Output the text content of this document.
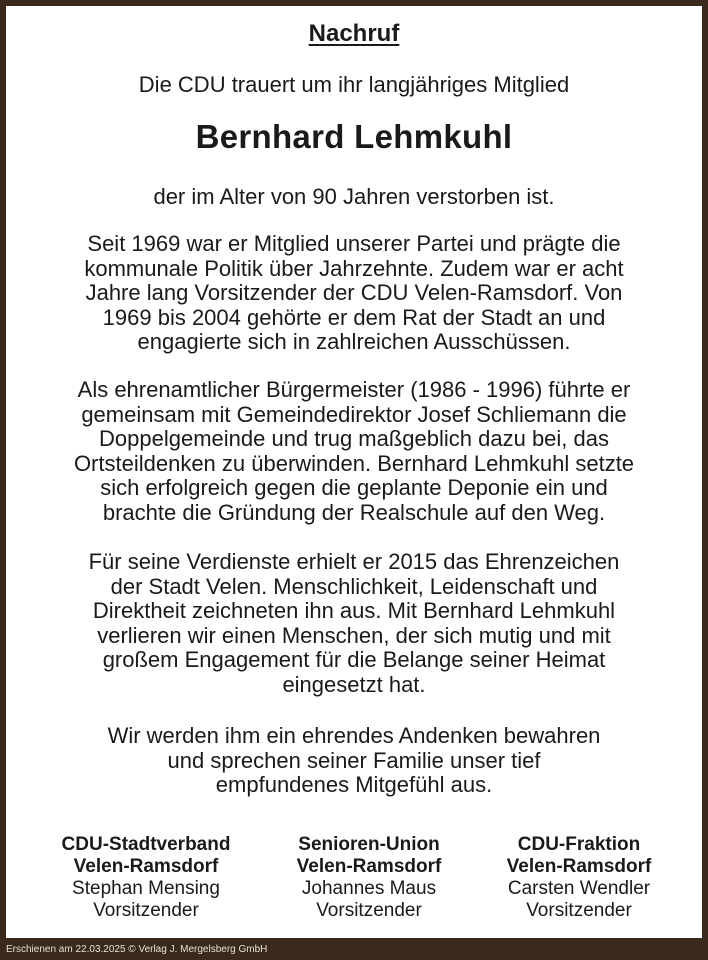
Nachruf
Die CDU trauert um ihr langjähriges Mitglied
Bernhard Lehmkuhl
der im Alter von 90 Jahren verstorben ist.

Seit 1969 war er Mitglied unserer Partei und prägte die
kommunale Politik über Jahrzehnte. Zudem war er acht
Jahre lang Vorsitzender der CDU Velen-Ramsdorf. Von
1969 bis 2004 gehörte er dem Rat der Stadt an und
engagierte sich in zahlreichen Ausschüssen.

Als ehrenamtlicher Bürgermeister (1986 - 1996) führte er
gemeinsam mit Gemeindedirektor Josef Schliemann die
Doppelgemeinde und trug maßgeblich dazu bei, das
Ortsteildenken zu überwinden. Bernhard Lehmkuhl setzte
sich erfolgreich gegen die geplante Deponie ein und
brachte die Gründung der Realschule auf den Weg.

Für seine Verdienste erhielt er 2015 das Ehrenzeichen
der Stadt Velen. Menschlichkeit, Leidenschaft und
Direktheit zeichneten ihn aus. Mit Bernhard Lehmkuhl
verlieren wir einen Menschen, der sich mutig und mit
großem Engagement für die Belange seiner Heimat
eingesetzt hat.

Wir werden ihm ein ehrendes Andenken bewahren
und sprechen seiner Familie unser tief
empfundenes Mitgefühl aus.

CDU-Stadtverband
Velen-Ramsdorf
Stephan Mensing
Vorsitzender
Senioren-Union
Velen-Ramsdorf
Johannes Maus
Vorsitzender
CDU-Fraktion
Velen-Ramsdorf
Carsten Wendler
Vorsitzender
Erschienen am 22.03.2025 © Verlag J. Mergelsberg GmbH
